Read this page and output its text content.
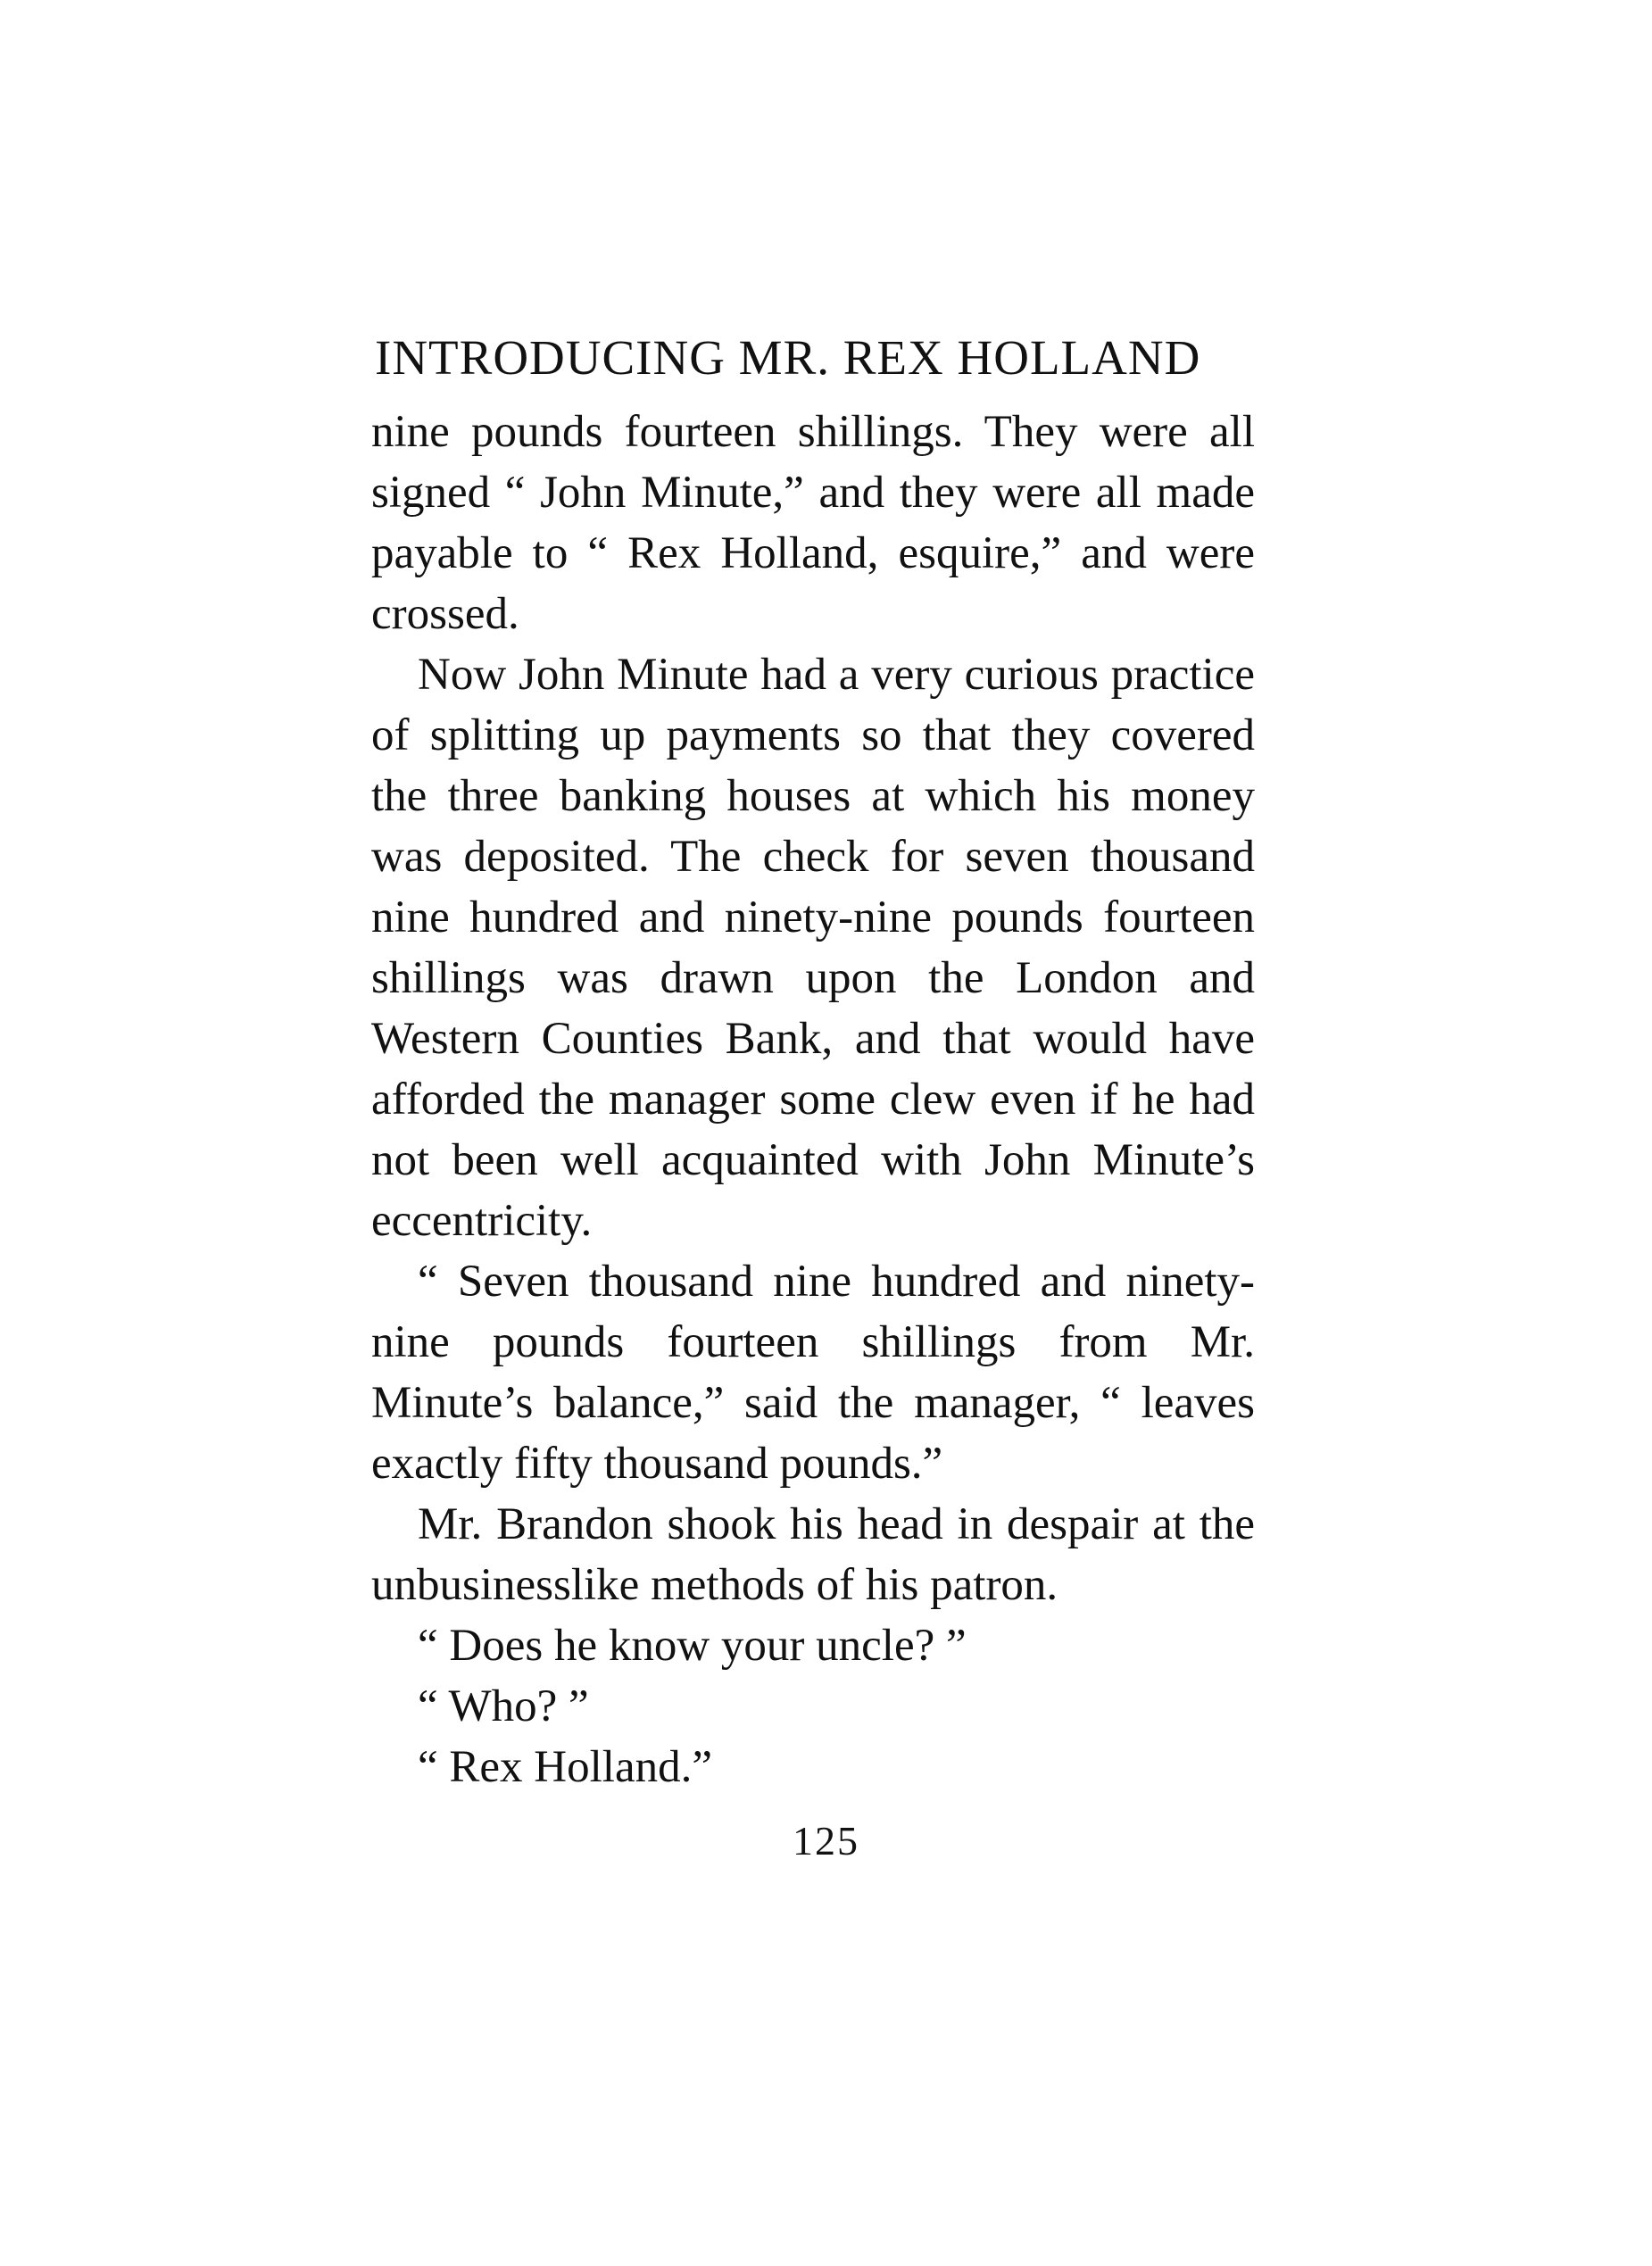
INTRODUCING MR. REX HOLLAND

nine pounds fourteen shillings. They were all signed “ John Minute,” and they were all made payable to “ Rex Holland, esquire,” and were crossed.

Now John Minute had a very curious practice of splitting up payments so that they covered the three banking houses at which his money was deposited. The check for seven thousand nine hundred and ninety-nine pounds fourteen shillings was drawn upon the London and Western Counties Bank, and that would have afforded the manager some clew even if he had not been well acquainted with John Minute’s eccentricity.

“ Seven thousand nine hundred and ninety-nine pounds fourteen shillings from Mr. Minute’s balance,” said the manager, “ leaves exactly fifty thousand pounds.”

Mr. Brandon shook his head in despair at the unbusinesslike methods of his patron.

“ Does he know your uncle? ”

“ Who? ”

“ Rex Holland.”

125
